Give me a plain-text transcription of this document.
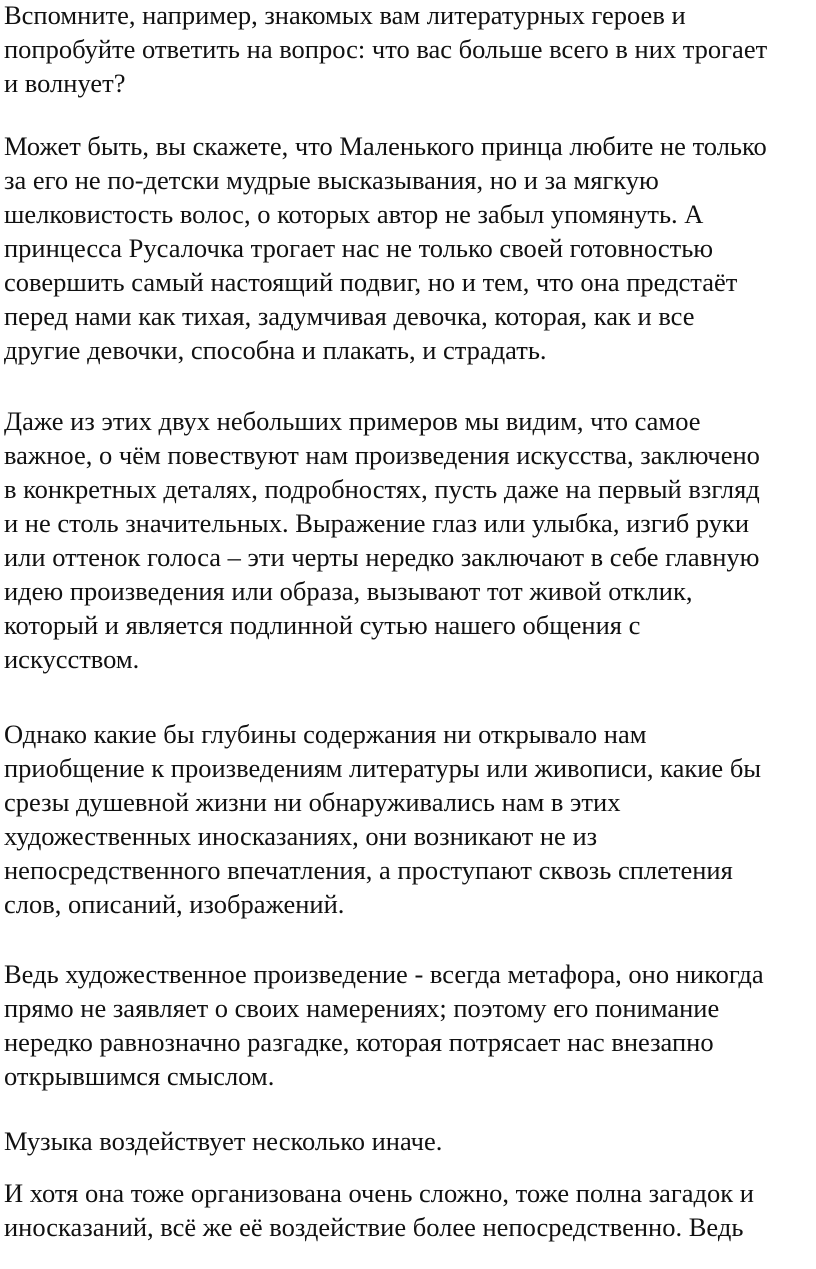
Вспомните, например, знакомых вам литературных героев и
попробуйте ответить на вопрос: что вас больше всего в них трогает
и волнует?

Может быть, вы скажете, что Маленького принца любите не только
за его не по-детски мудрые высказывания, но и за мягкую
шелковистость волос, о которых автор не забыл упомянуть. А
принцесса Русалочка трогает нас не только своей готовностью
совершить самый настоящий подвиг, но и тем, что она предстаёт
перед нами как тихая, задумчивая девочка, которая, как и все
другие девочки, способна и плакать, и страдать.

Даже из этих двух небольших примеров мы видим, что самое
важное, о чём повествуют нам произведения искусства, заключено
в конкретных деталях, подробностях, пусть даже на первый взгляд
и не столь значительных. Выражение глаз или улыбка, изгиб руки
или оттенок голоса – эти черты нередко заключают в себе главную
идею произведения или образа, вызывают тот живой отклик,
который и является подлинной сутью нашего общения с
искусством.

Однако какие бы глубины содержания ни открывало нам
приобщение к произведениям литературы или живописи, какие бы
срезы душевной жизни ни обнаруживались нам в этих
художественных иносказаниях, они возникают не из
непосредственного впечатления, а проступают сквозь сплетения
слов, описаний, изображений.

Ведь художественное произведение - всегда метафора, оно никогда
прямо не заявляет о своих намерениях; поэтому его понимание
нередко равнозначно разгадке, которая потрясает нас внезапно
открывшимся смыслом.

Музыка воздействует несколько иначе.

И хотя она тоже организована очень сложно, тоже полна загадок и
иносказаний, всё же её воздействие более непосредственно. Ведь
